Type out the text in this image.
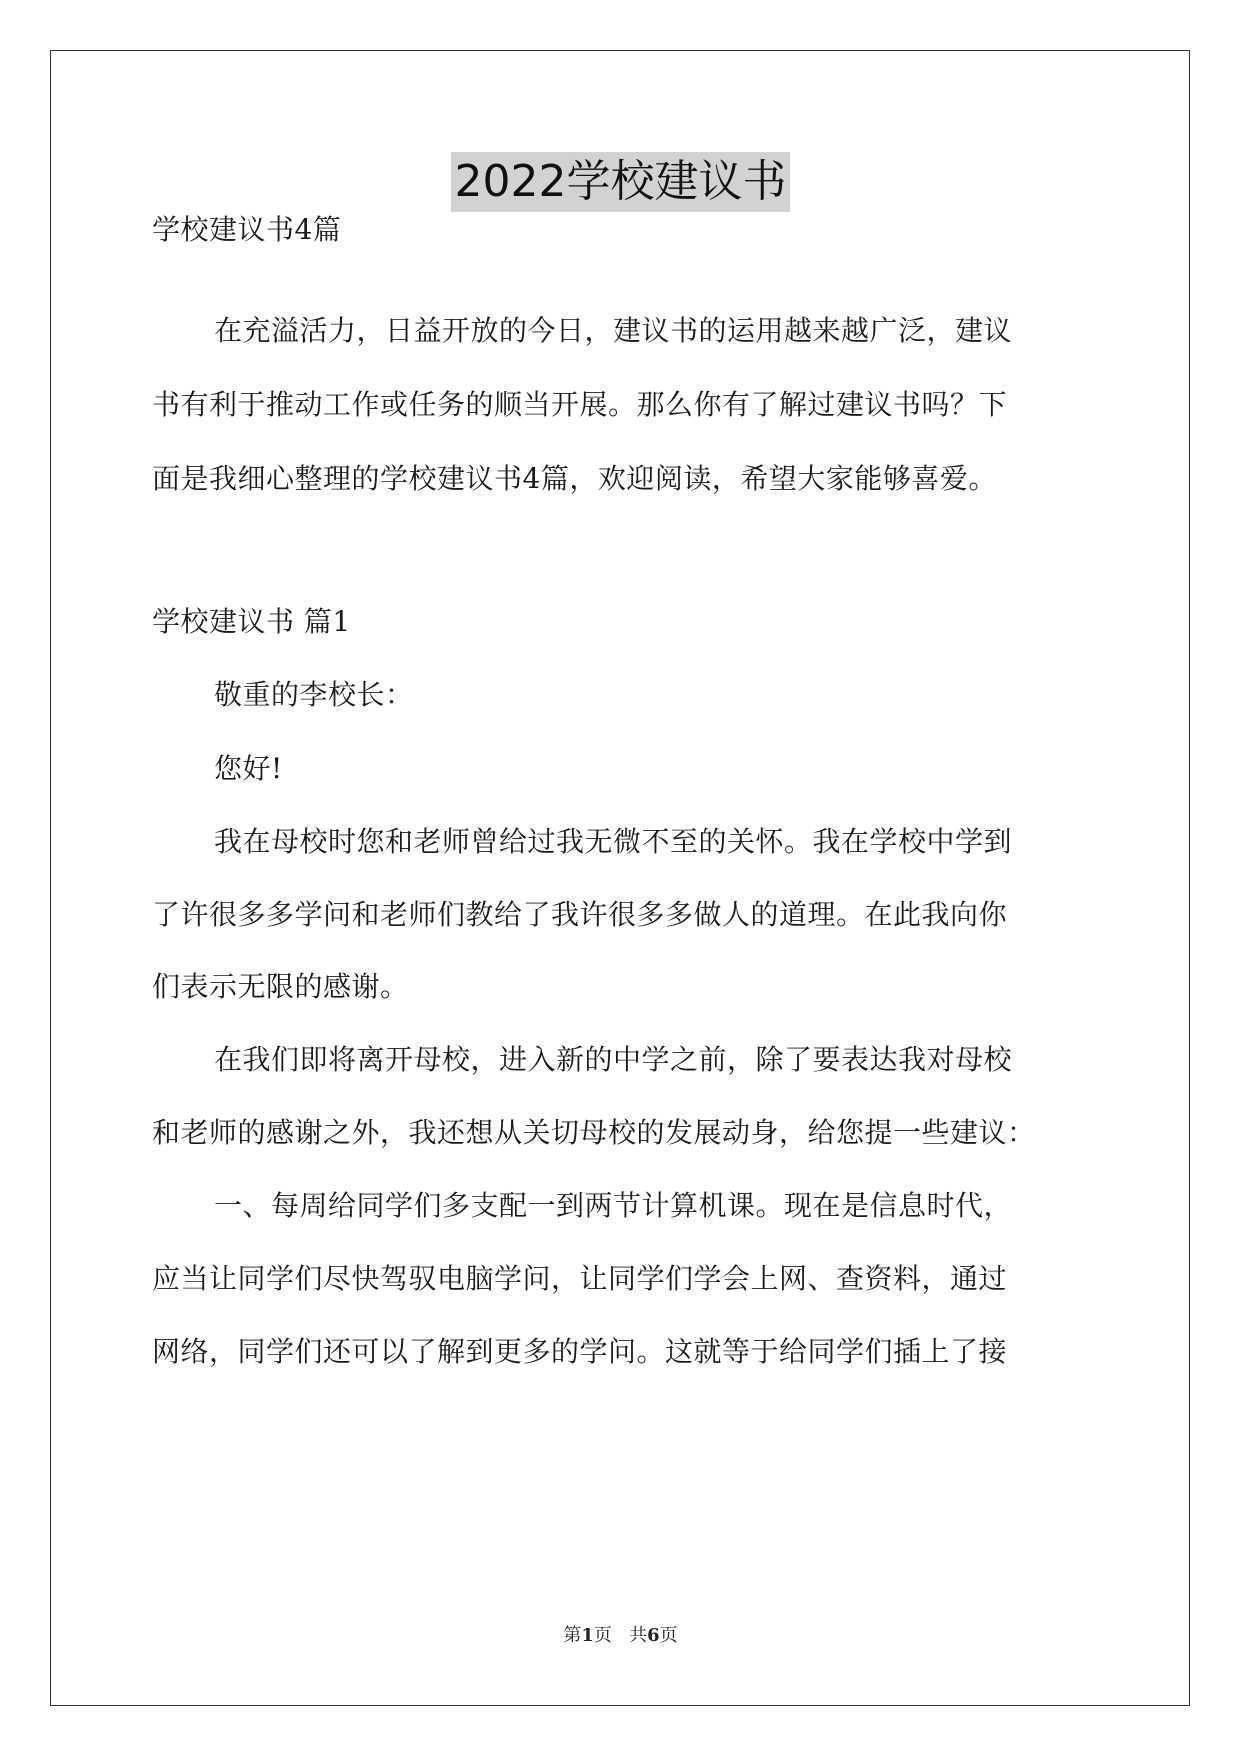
2022学校建议书
学校建议书4篇
在充溢活力，日益开放的今日，建议书的运用越来越广泛，建议
书有利于推动工作或任务的顺当开展。那么你有了解过建议书吗？下
面是我细心整理的学校建议书4篇，欢迎阅读，希望大家能够喜爱。
学校建议书 篇1
敬重的李校长：
您好!
我在母校时您和老师曾给过我无微不至的关怀。我在学校中学到
了许很多多学问和老师们教给了我许很多多做人的道理。在此我向你
们表示无限的感谢。
在我们即将离开母校，进入新的中学之前，除了要表达我对母校
和老师的感谢之外，我还想从关切母校的发展动身，给您提一些建议：
一、每周给同学们多支配一到两节计算机课。现在是信息时代，
应当让同学们尽快驾驭电脑学问，让同学们学会上网、查资料，通过
网络，同学们还可以了解到更多的学问。这就等于给同学们插上了接
第1页 共6页
